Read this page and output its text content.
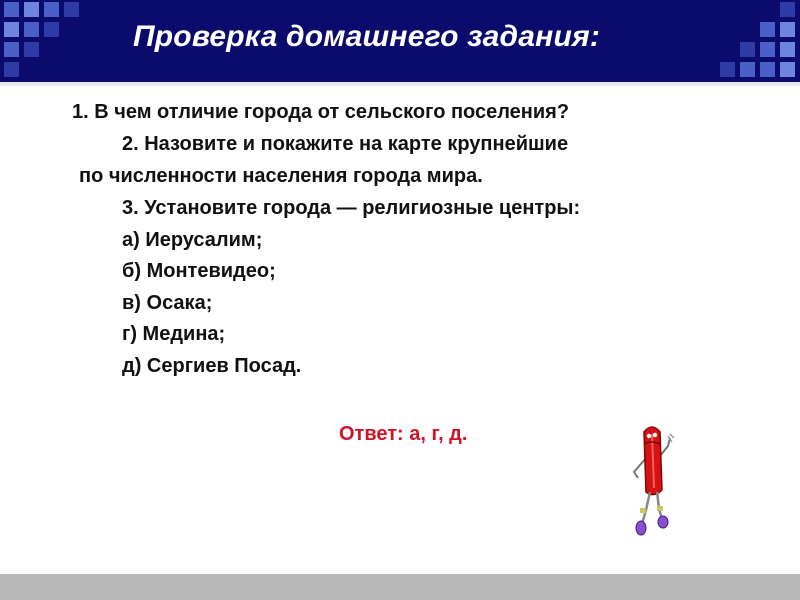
Проверка домашнего задания:
1. В чем отличие города от сельского поселения?
2. Назовите и покажите на карте крупнейшие
по численности населения города мира.
3. Установите города — религиозные центры:
а) Иерусалим;
б) Монтевидео;
в) Осака;
г) Медина;
д) Сергиев Посад.
Ответ: а, г, д.
